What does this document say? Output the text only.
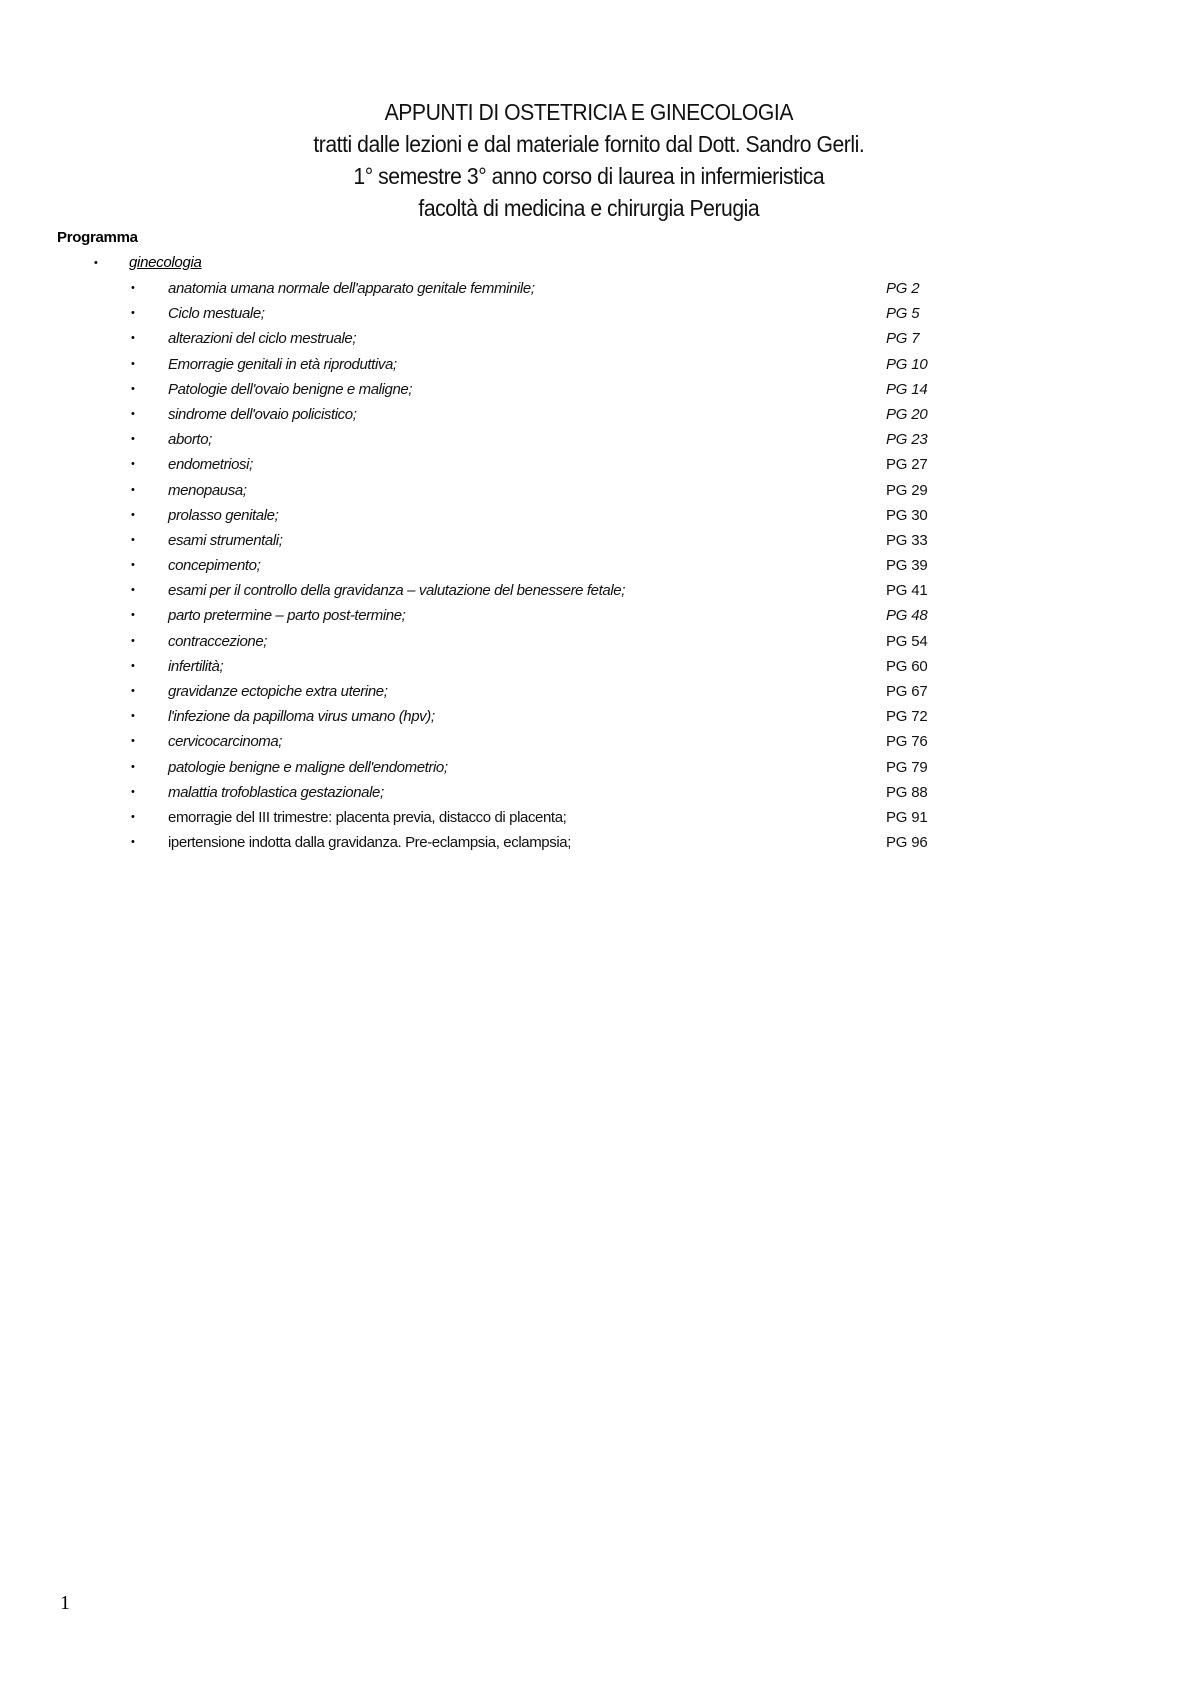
APPUNTI DI OSTETRICIA E GINECOLOGIA
tratti dalle lezioni e dal materiale fornito dal Dott. Sandro Gerli.
1° semestre 3° anno corso di laurea in infermieristica
facoltà di medicina e chirurgia Perugia
Programma
• ginecologia
• anatomia umana normale dell'apparato genitale femminile;	PG 2
• Ciclo mestuale;	PG 5
• alterazioni del ciclo mestruale;	PG 7
• Emorragie genitali in età riproduttiva;	PG 10
• Patologie dell'ovaio benigne e maligne;	PG 14
• sindrome dell'ovaio policistico;	PG 20
• aborto;	PG 23
• endometriosi;	PG 27
• menopausa;	PG 29
• prolasso genitale;	PG 30
• esami strumentali;	PG 33
• concepimento;	PG 39
• esami per il controllo della gravidanza – valutazione del benessere fetale;	PG 41
• parto pretermine – parto post-termine;	PG 48
• contraccezione;	PG 54
• infertilità;	PG 60
• gravidanze ectopiche extra uterine;	PG 67
• l'infezione da papilloma virus umano (hpv);	PG 72
• cervicocarcinoma;	PG 76
• patologie benigne e maligne dell'endometrio;	PG 79
• malattia trofoblastica gestazionale;	PG 88
• emorragie del III trimestre: placenta previa, distacco di placenta;	PG 91
• ipertensione indotta dalla gravidanza. Pre-eclampsia, eclampsia;	PG 96
1
